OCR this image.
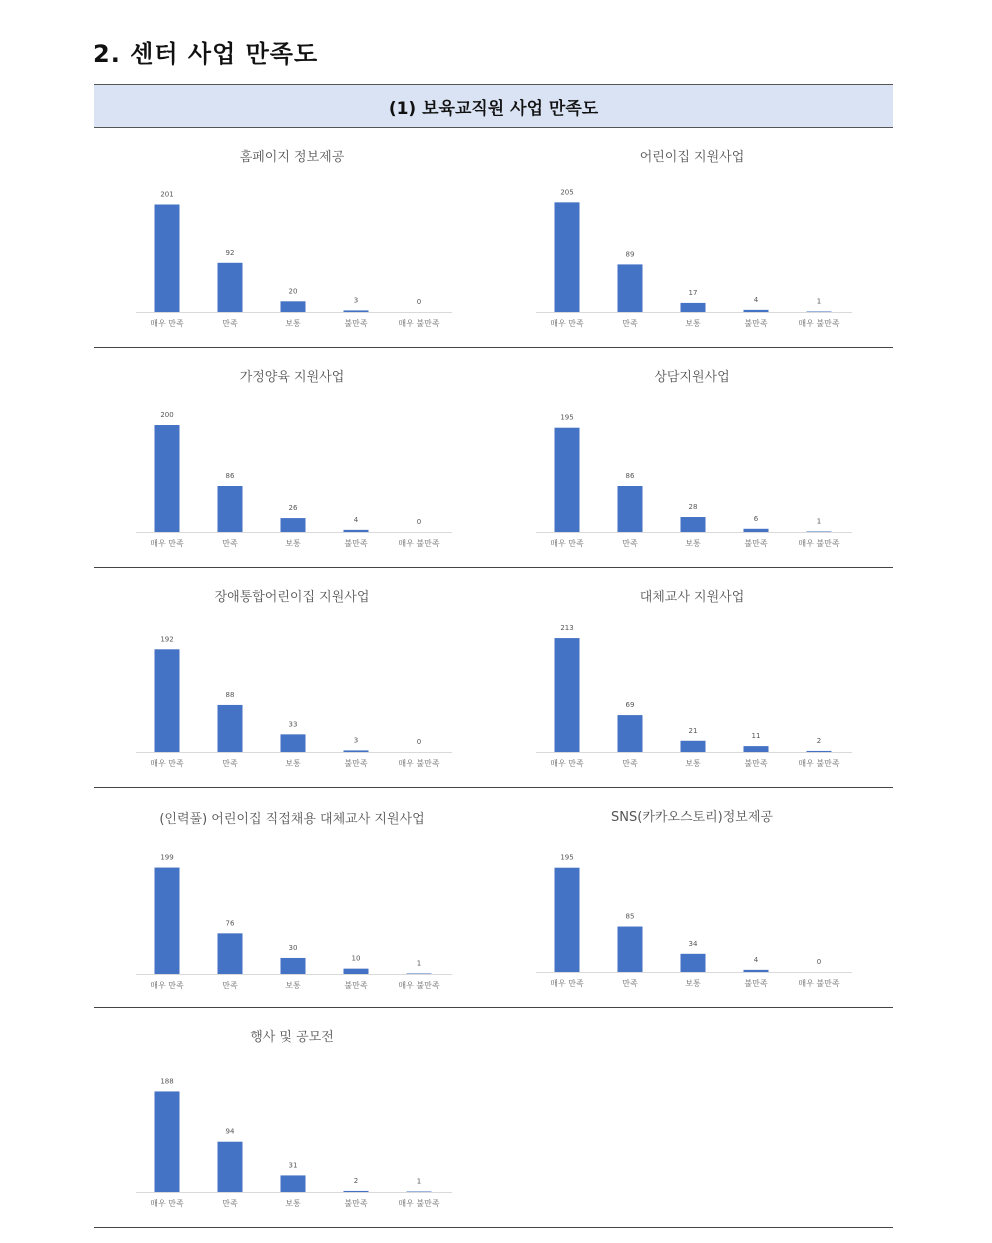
2. 센터 사업 만족도
(1) 보육교직원 사업 만족도
홈페이지 정보제공
201
매우 만족
92
만족
20
보통
3
불만족
0
매우 불만족
어린이집 지원사업
205
매우 만족
89
만족
17
보통
4
불만족
1
매우 불만족
가정양육 지원사업
200
매우 만족
86
만족
26
보통
4
불만족
0
매우 불만족
상담지원사업
195
매우 만족
86
만족
28
보통
6
불만족
1
매우 불만족
장애통합어린이집 지원사업
192
매우 만족
88
만족
33
보통
3
불만족
0
매우 불만족
대체교사 지원사업
213
매우 만족
69
만족
21
보통
11
불만족
2
매우 불만족
(인력풀) 어린이집 직접채용 대체교사 지원사업
199
매우 만족
76
만족
30
보통
10
불만족
1
매우 불만족
SNS(카카오스토리)정보제공
195
매우 만족
85
만족
34
보통
4
불만족
0
매우 불만족
행사 및 공모전
188
매우 만족
94
만족
31
보통
2
불만족
1
매우 불만족
